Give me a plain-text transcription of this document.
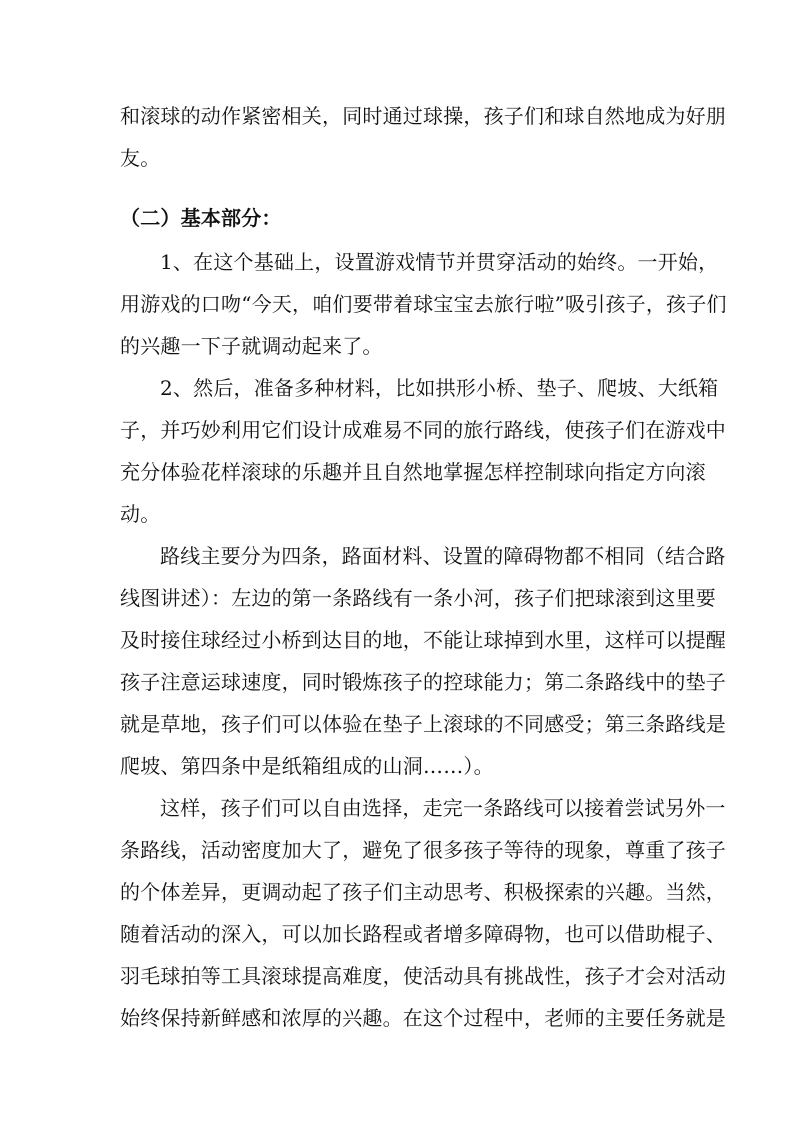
和滚球的动作紧密相关，同时通过球操，孩子们和球自然地成为好朋
友。
（二）基本部分：
1、在这个基础上，设置游戏情节并贯穿活动的始终。一开始，
用游戏的口吻“今天，咱们要带着球宝宝去旅行啦”吸引孩子，孩子们
的兴趣一下子就调动起来了。
2、然后，准备多种材料，比如拱形小桥、垫子、爬坡、大纸箱
子，并巧妙利用它们设计成难易不同的旅行路线，使孩子们在游戏中
充分体验花样滚球的乐趣并且自然地掌握怎样控制球向指定方向滚
动。
路线主要分为四条，路面材料、设置的障碍物都不相同（结合路
线图讲述）：左边的第一条路线有一条小河，孩子们把球滚到这里要
及时接住球经过小桥到达目的地，不能让球掉到水里，这样可以提醒
孩子注意运球速度，同时锻炼孩子的控球能力；第二条路线中的垫子
就是草地，孩子们可以体验在垫子上滚球的不同感受；第三条路线是
爬坡、第四条中是纸箱组成的山洞……）。
这样，孩子们可以自由选择，走完一条路线可以接着尝试另外一
条路线，活动密度加大了，避免了很多孩子等待的现象，尊重了孩子
的个体差异，更调动起了孩子们主动思考、积极探索的兴趣。当然，
随着活动的深入，可以加长路程或者增多障碍物，也可以借助棍子、
羽毛球拍等工具滚球提高难度，使活动具有挑战性，孩子才会对活动
始终保持新鲜感和浓厚的兴趣。在这个过程中，老师的主要任务就是
